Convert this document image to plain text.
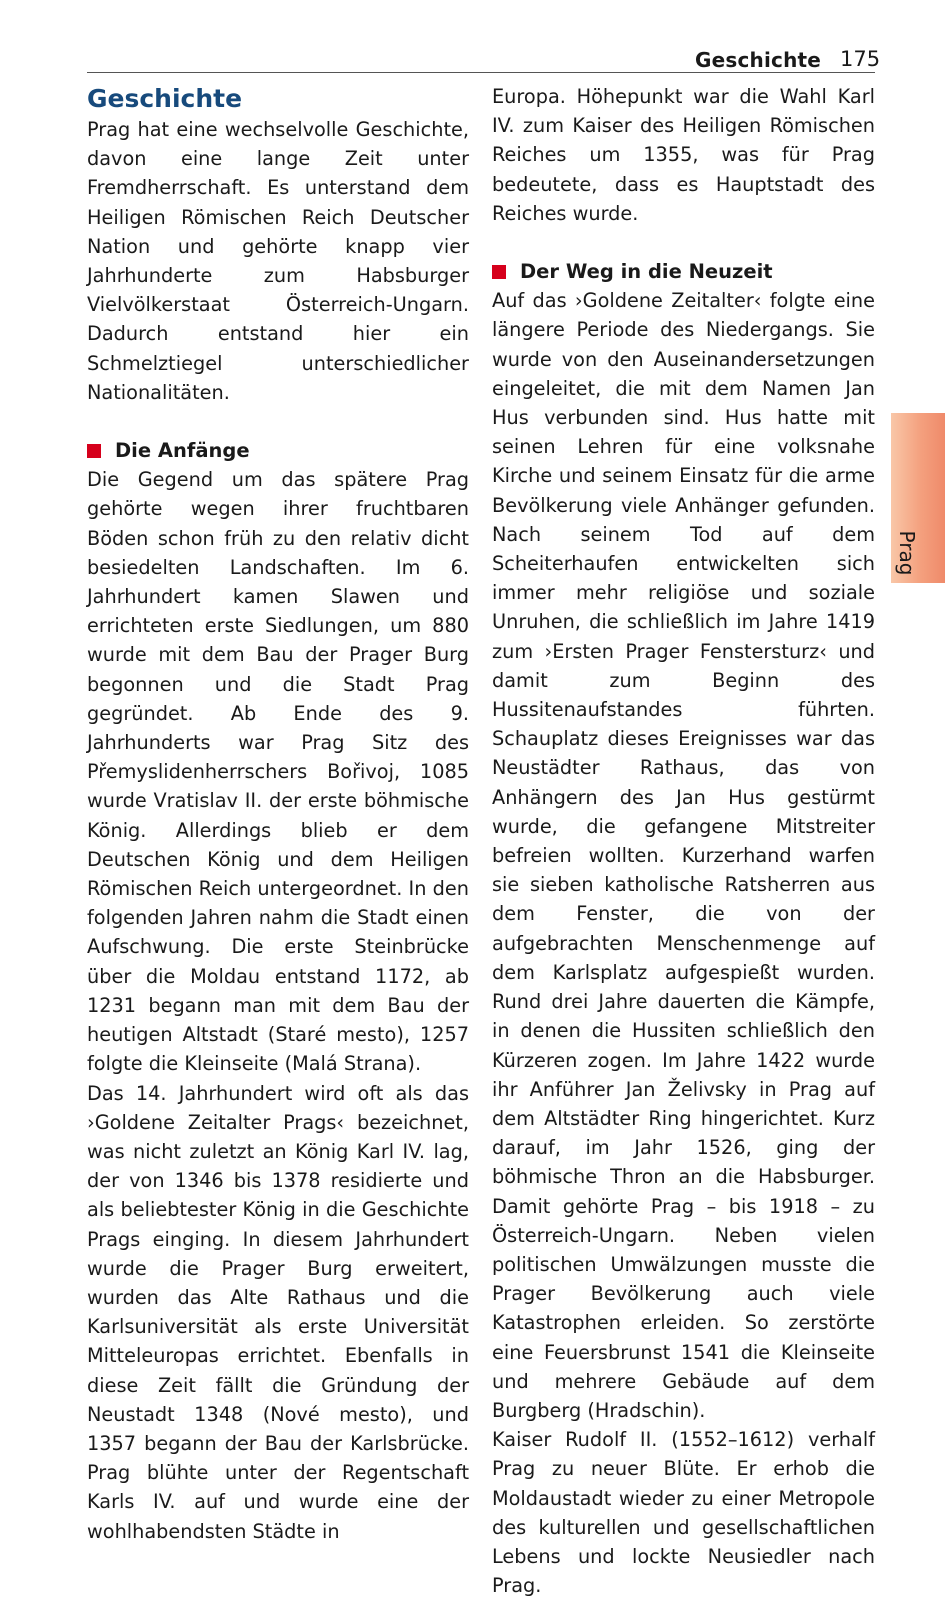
Geschichte 175
Prag
Geschichte

Prag hat eine wechselvolle Geschichte, davon eine lange Zeit unter Fremdherrschaft. Es unterstand dem Heiligen Römischen Reich Deutscher Nation und gehörte knapp vier Jahrhunderte zum Habsburger Vielvölkerstaat Österreich-Ungarn. Dadurch entstand hier ein Schmelztiegel unterschiedlicher Nationalitäten.

Die Anfänge

Die Gegend um das spätere Prag gehörte wegen ihrer fruchtbaren Böden schon früh zu den relativ dicht besiedelten Landschaften. Im 6. Jahrhundert kamen Slawen und errichteten erste Siedlungen, um 880 wurde mit dem Bau der Prager Burg begonnen und die Stadt Prag gegründet. Ab Ende des 9. Jahrhunderts war Prag Sitz des Přemyslidenherrschers Bořivoj, 1085 wurde Vratislav II. der erste böhmische König. Allerdings blieb er dem Deutschen König und dem Heiligen Römischen Reich untergeordnet. In den folgenden Jahren nahm die Stadt einen Aufschwung. Die erste Steinbrücke über die Moldau entstand 1172, ab 1231 begann man mit dem Bau der heutigen Altstadt (Staré mesto), 1257 folgte die Kleinseite (Malá Strana).

Das 14. Jahrhundert wird oft als das ›Goldene Zeitalter Prags‹ bezeichnet, was nicht zuletzt an König Karl IV. lag, der von 1346 bis 1378 residierte und als beliebtester König in die Geschichte Prags einging. In diesem Jahrhundert wurde die Prager Burg erweitert, wurden das Alte Rathaus und die Karlsuniversität als erste Universität Mitteleuropas errichtet. Ebenfalls in diese Zeit fällt die Gründung der Neustadt 1348 (Nové mesto), und 1357 begann der Bau der Karlsbrücke. Prag blühte unter der Regentschaft Karls IV. auf und wurde eine der wohlhabendsten Städte in

Europa. Höhepunkt war die Wahl Karl IV. zum Kaiser des Heiligen Römischen Reiches um 1355, was für Prag bedeutete, dass es Hauptstadt des Reiches wurde.

Der Weg in die Neuzeit

Auf das ›Goldene Zeitalter‹ folgte eine längere Periode des Niedergangs. Sie wurde von den Auseinandersetzungen eingeleitet, die mit dem Namen Jan Hus verbunden sind. Hus hatte mit seinen Lehren für eine volksnahe Kirche und seinem Einsatz für die arme Bevölkerung viele Anhänger gefunden. Nach seinem Tod auf dem Scheiterhaufen entwickelten sich immer mehr religiöse und soziale Unruhen, die schließlich im Jahre 1419 zum ›Ersten Prager Fenstersturz‹ und damit zum Beginn des Hussitenaufstandes führten. Schauplatz dieses Ereignisses war das Neustädter Rathaus, das von Anhängern des Jan Hus gestürmt wurde, die gefangene Mitstreiter befreien wollten. Kurzerhand warfen sie sieben katholische Ratsherren aus dem Fenster, die von der aufgebrachten Menschenmenge auf dem Karlsplatz aufgespießt wurden. Rund drei Jahre dauerten die Kämpfe, in denen die Hussiten schließlich den Kürzeren zogen. Im Jahre 1422 wurde ihr Anführer Jan Želivsky in Prag auf dem Altstädter Ring hingerichtet. Kurz darauf, im Jahr 1526, ging der böhmische Thron an die Habsburger. Damit gehörte Prag – bis 1918 – zu Österreich-Ungarn. Neben vielen politischen Umwälzungen musste die Prager Bevölkerung auch viele Katastrophen erleiden. So zerstörte eine Feuersbrunst 1541 die Kleinseite und mehrere Gebäude auf dem Burgberg (Hradschin).

Kaiser Rudolf II. (1552–1612) verhalf Prag zu neuer Blüte. Er erhob die Moldaustadt wieder zu einer Metropole des kulturellen und gesellschaftlichen Lebens und lockte Neusiedler nach Prag.
